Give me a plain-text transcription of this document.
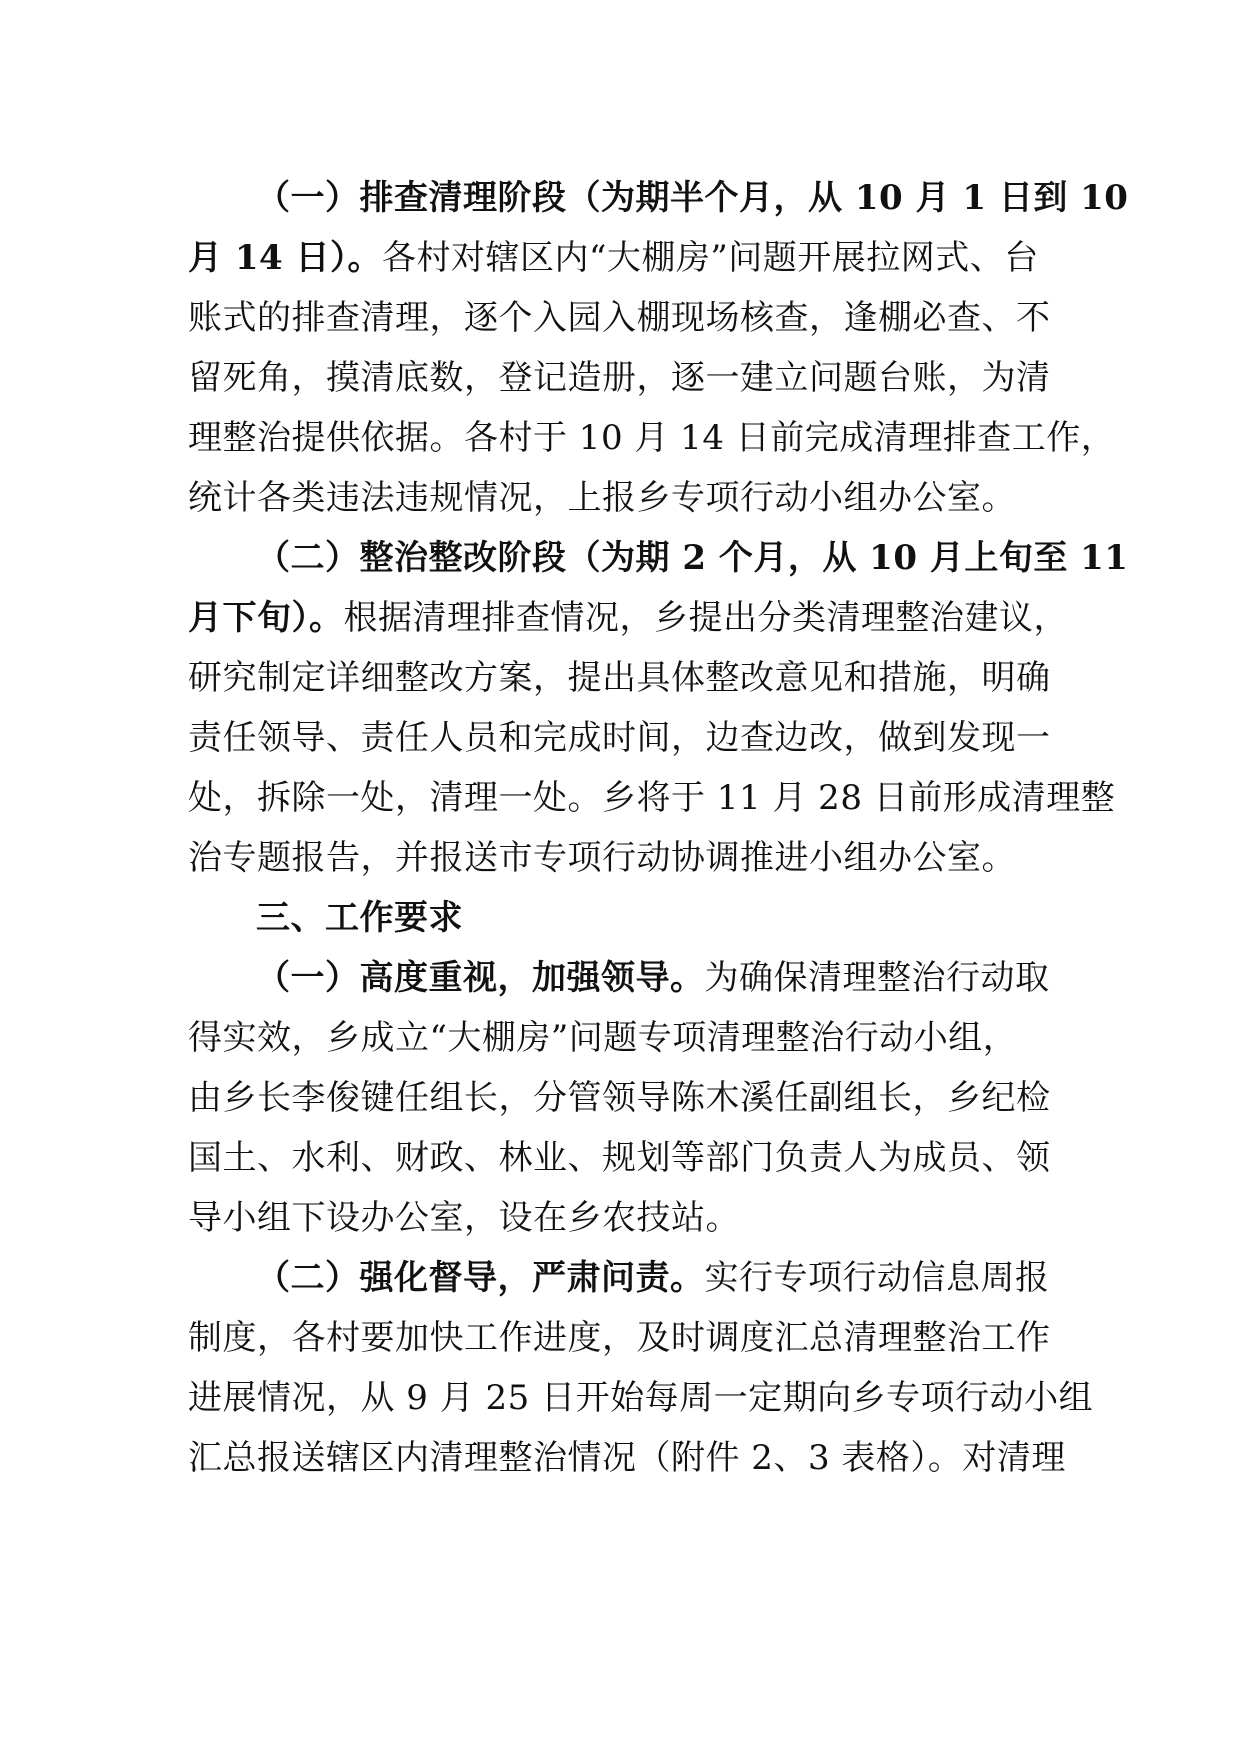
（一）排查清理阶段（为期半个月，从 10 月 1 日到 10
月 14 日）。各村对辖区内“大棚房”问题开展拉网式、台
账式的排查清理，逐个入园入棚现场核查，逢棚必查、不
留死角，摸清底数，登记造册，逐一建立问题台账，为清
理整治提供依据。各村于 10 月 14 日前完成清理排查工作，
统计各类违法违规情况，上报乡专项行动小组办公室。
（二）整治整改阶段（为期 2 个月，从 10 月上旬至 11
月下旬）。根据清理排查情况，乡提出分类清理整治建议，
研究制定详细整改方案，提出具体整改意见和措施，明确
责任领导、责任人员和完成时间，边查边改，做到发现一
处，拆除一处，清理一处。乡将于 11 月 28 日前形成清理整
治专题报告，并报送市专项行动协调推进小组办公室。
三、工作要求
（一）高度重视，加强领导。为确保清理整治行动取
得实效，乡成立“大棚房”问题专项清理整治行动小组，
由乡长李俊键任组长，分管领导陈木溪任副组长，乡纪检
国土、水利、财政、林业、规划等部门负责人为成员、领
导小组下设办公室，设在乡农技站。
（二）强化督导，严肃问责。实行专项行动信息周报
制度，各村要加快工作进度，及时调度汇总清理整治工作
进展情况，从 9 月 25 日开始每周一定期向乡专项行动小组
汇总报送辖区内清理整治情况（附件 2、3 表格）。对清理
